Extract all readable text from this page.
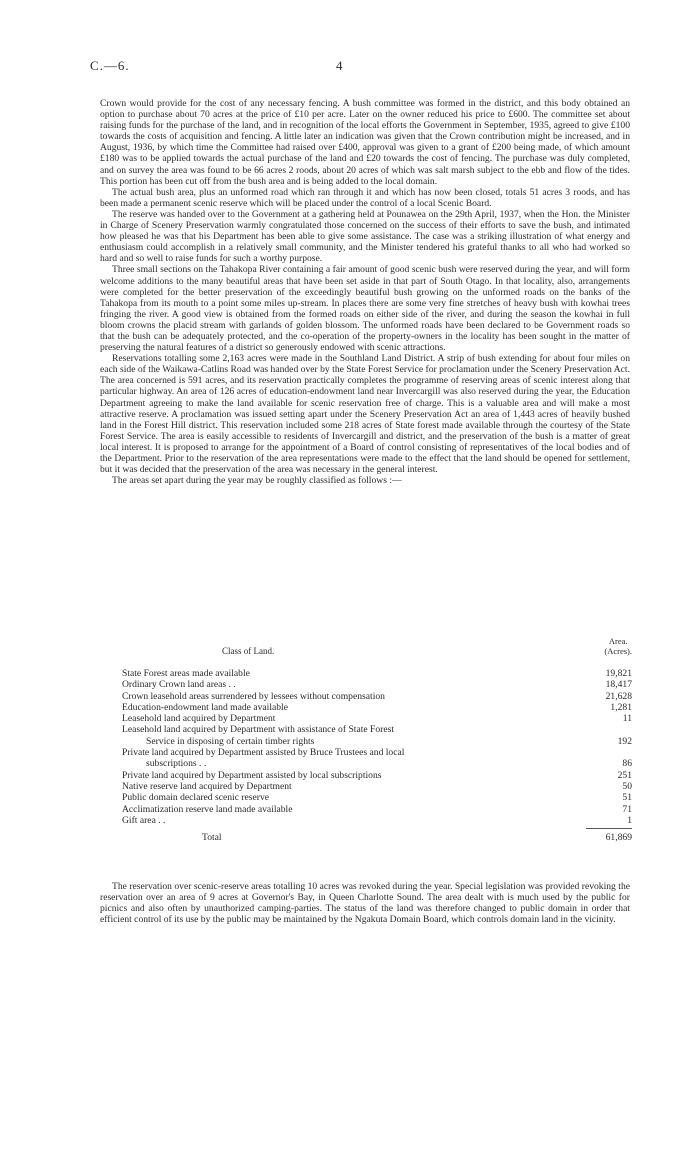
C.—6.	4

Crown would provide for the cost of any necessary fencing. A bush committee was formed in the district, and this body obtained an option to purchase about 70 acres at the price of £10 per acre. Later on the owner reduced his price to £600. The committee set about raising funds for the purchase of the land, and in recognition of the local efforts the Government in September, 1935, agreed to give £100 towards the costs of acquisition and fencing. A little later an indication was given that the Crown contribution might be increased, and in August, 1936, by which time the Committee had raised over £400, approval was given to a grant of £200 being made, of which amount £180 was to be applied towards the actual purchase of the land and £20 towards the cost of fencing. The purchase was duly completed, and on survey the area was found to be 66 acres 2 roods, about 20 acres of which was salt marsh subject to the ebb and flow of the tides. This portion has been cut off from the bush area and is being added to the local domain.

The actual bush area, plus an unformed road which ran through it and which has now been closed, totals 51 acres 3 roods, and has been made a permanent scenic reserve which will be placed under the control of a local Scenic Board.

The reserve was handed over to the Government at a gathering held at Pounawea on the 29th April, 1937, when the Hon. the Minister in Charge of Scenery Preservation warmly congratulated those concerned on the success of their efforts to save the bush, and intimated how pleased he was that his Department has been able to give some assistance. The case was a striking illustration of what energy and enthusiasm could accomplish in a relatively small community, and the Minister tendered his grateful thanks to all who had worked so hard and so well to raise funds for such a worthy purpose.

Three small sections on the Tahakopa River containing a fair amount of good scenic bush were reserved during the year, and will form welcome additions to the many beautiful areas that have been set aside in that part of South Otago. In that locality, also, arrangements were completed for the better preservation of the exceedingly beautiful bush growing on the unformed roads on the banks of the Tahakopa from its mouth to a point some miles up-stream. In places there are some very fine stretches of heavy bush with kowhai trees fringing the river. A good view is obtained from the formed roads on either side of the river, and during the season the kowhai in full bloom crowns the placid stream with garlands of golden blossom. The unformed roads have been declared to be Government roads so that the bush can be adequately protected, and the co-operation of the property-owners in the locality has been sought in the matter of preserving the natural features of a district so generously endowed with scenic attractions.

Reservations totalling some 2,163 acres were made in the Southland Land District. A strip of bush extending for about four miles on each side of the Waikawa-Catlins Road was handed over by the State Forest Service for proclamation under the Scenery Preservation Act. The area concerned is 591 acres, and its reservation practically completes the programme of reserving areas of scenic interest along that particular highway. An area of 126 acres of education-endowment land near Invercargill was also reserved during the year, the Education Department agreeing to make the land available for scenic reservation free of charge. This is a valuable area and will make a most attractive reserve. A proclamation was issued setting apart under the Scenery Preservation Act an area of 1,443 acres of heavily bushed land in the Forest Hill district. This reservation included some 218 acres of State forest made available through the courtesy of the State Forest Service. The area is easily accessible to residents of Invercargill and district, and the preservation of the bush is a matter of great local interest. It is proposed to arrange for the appointment of a Board of control consisting of representatives of the local bodies and of the Department. Prior to the reservation of the area representations were made to the effect that the land should be opened for settlement, but it was decided that the preservation of the area was necessary in the general interest.

The areas set apart during the year may be roughly classified as follows :—

Class of Land.
Area.
(Acres).
State Forest areas made available	19,821
Ordinary Crown land areas . .	18,417
Crown leasehold areas surrendered by lessees without compensation	21,628
Education-endowment land made available	1,281
Leasehold land acquired by Department	11
Leasehold land acquired by Department with assistance of State Forest
Service in disposing of certain timber rights	192
Private land acquired by Department assisted by Bruce Trustees and local
subscriptions . .	86
Private land acquired by Department assisted by local subscriptions	251
Native reserve land acquired by Department	50
Public domain declared scenic reserve	51
Acclimatization reserve land made available	71
Gift area . .	1
Total	61,869

The reservation over scenic-reserve areas totalling 10 acres was revoked during the year. Special legislation was provided revoking the reservation over an area of 9 acres at Governor's Bay, in Queen Charlotte Sound. The area dealt with is much used by the public for picnics and also often by unauthorized camping-parties. The status of the land was therefore changed to public domain in order that efficient control of its use by the public may be maintained by the Ngakuta Domain Board, which controls domain land in the vicinity.
